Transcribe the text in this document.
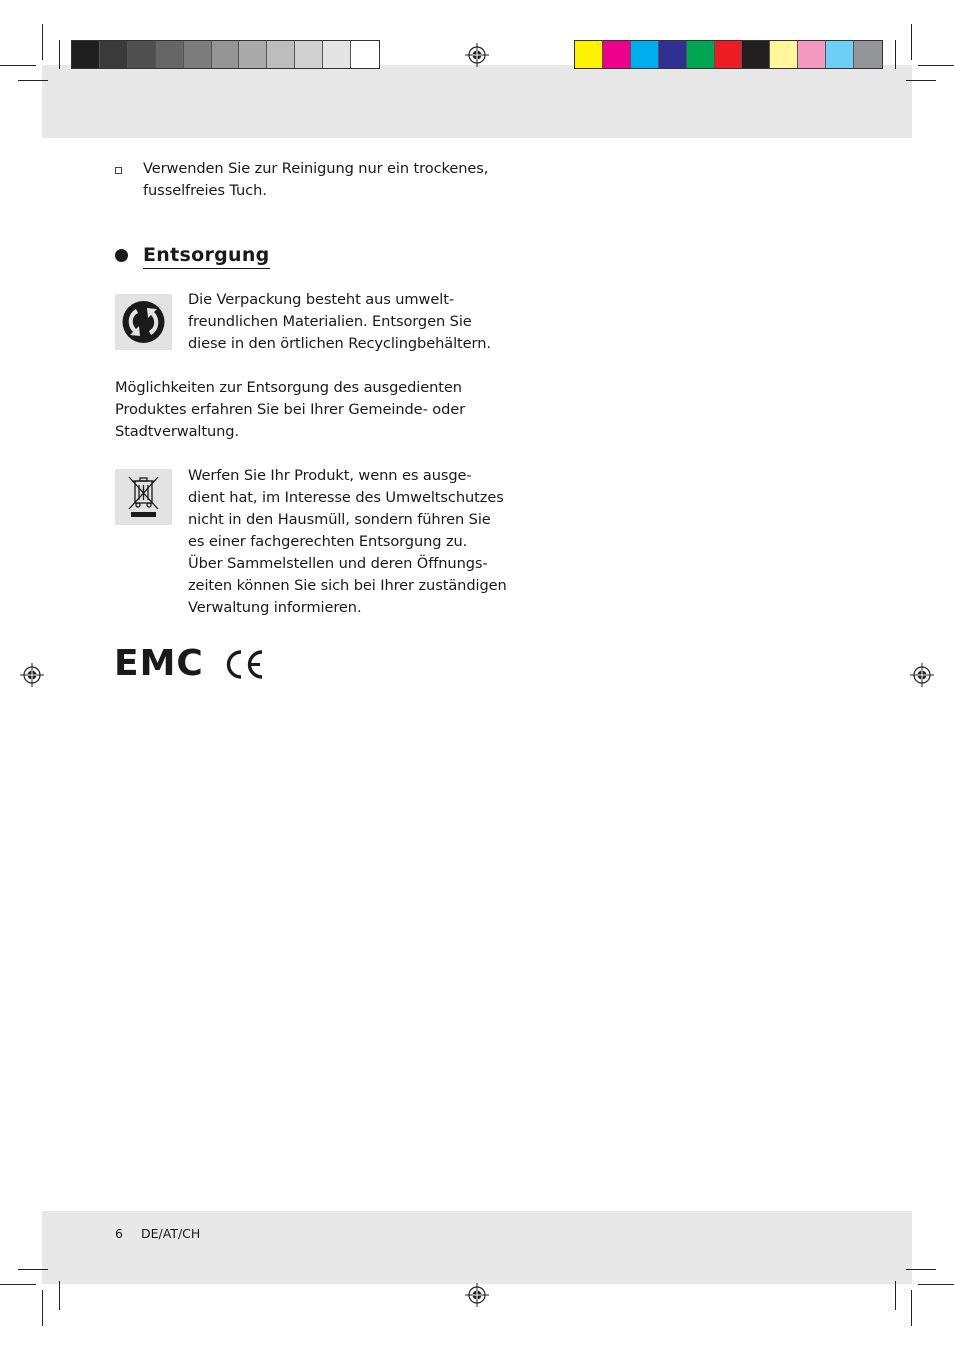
Verwenden Sie zur Reinigung nur ein trockenes,
fusselfreies Tuch.
Entsorgung
Die Verpackung besteht aus umwelt-
freundlichen Materialien. Entsorgen Sie
diese in den örtlichen Recyclingbehältern.
Möglichkeiten zur Entsorgung des ausgedienten
Produktes erfahren Sie bei Ihrer Gemeinde- oder
Stadtverwaltung.
Werfen Sie Ihr Produkt, wenn es ausge-
dient hat, im Interesse des Umweltschutzes
nicht in den Hausmüll, sondern führen Sie
es einer fachgerechten Entsorgung zu.
Über Sammelstellen und deren Öffnungs-
zeiten können Sie sich bei Ihrer zuständigen
Verwaltung informieren.
EMC
6 DE/AT/CH
